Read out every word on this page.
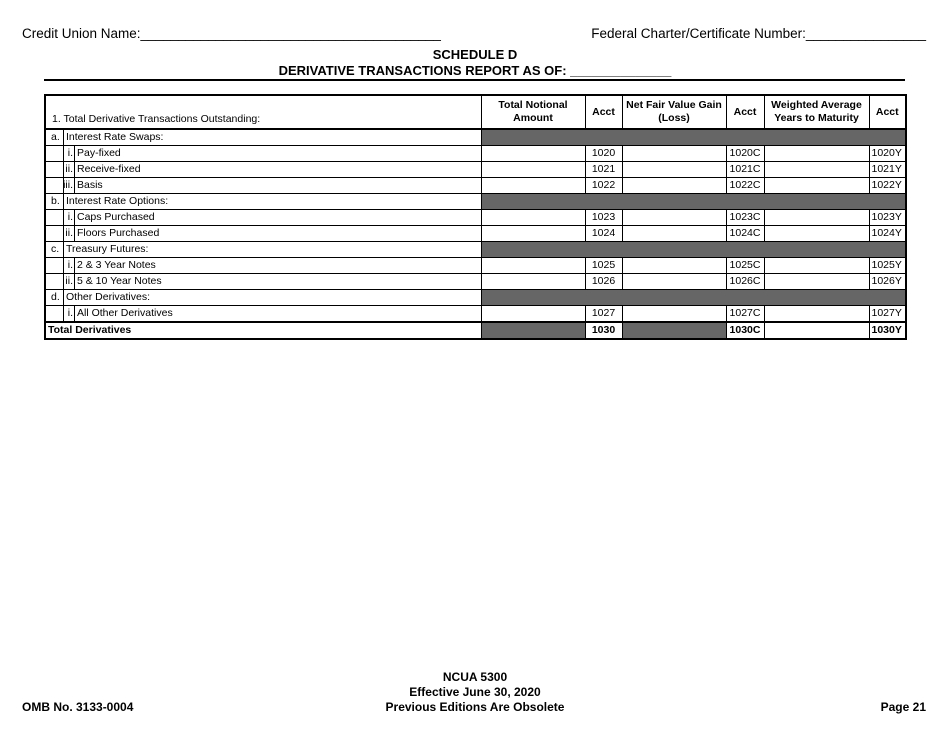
Credit Union Name:________________________________________	Federal Charter/Certificate Number:________________
SCHEDULE D
DERIVATIVE TRANSACTIONS REPORT AS OF: ______________
1. Total Derivative Transactions Outstanding:	Total Notional Amount	Acct	Net Fair Value Gain (Loss)	Acct	Weighted Average Years to Maturity	Acct

a. Interest Rate Swaps:						

i. Pay-fixed		1020		1020C		1020Y

ii. Receive-fixed		1021		1021C		1021Y

iii. Basis		1022		1022C		1022Y

b. Interest Rate Options:						

i. Caps Purchased		1023		1023C		1023Y

ii. Floors Purchased		1024		1024C		1024Y

c. Treasury Futures:						

i. 2 & 3 Year Notes		1025		1025C		1025Y

ii. 5 & 10 Year Notes		1026		1026C		1026Y

d. Other Derivatives:						

i. All Other Derivatives		1027		1027C		1027Y
Total Derivatives		1030		1030C		1030Y
NCUA 5300
Effective June 30, 2020
Previous Editions Are Obsolete
OMB No. 3133-0004	Page 21
